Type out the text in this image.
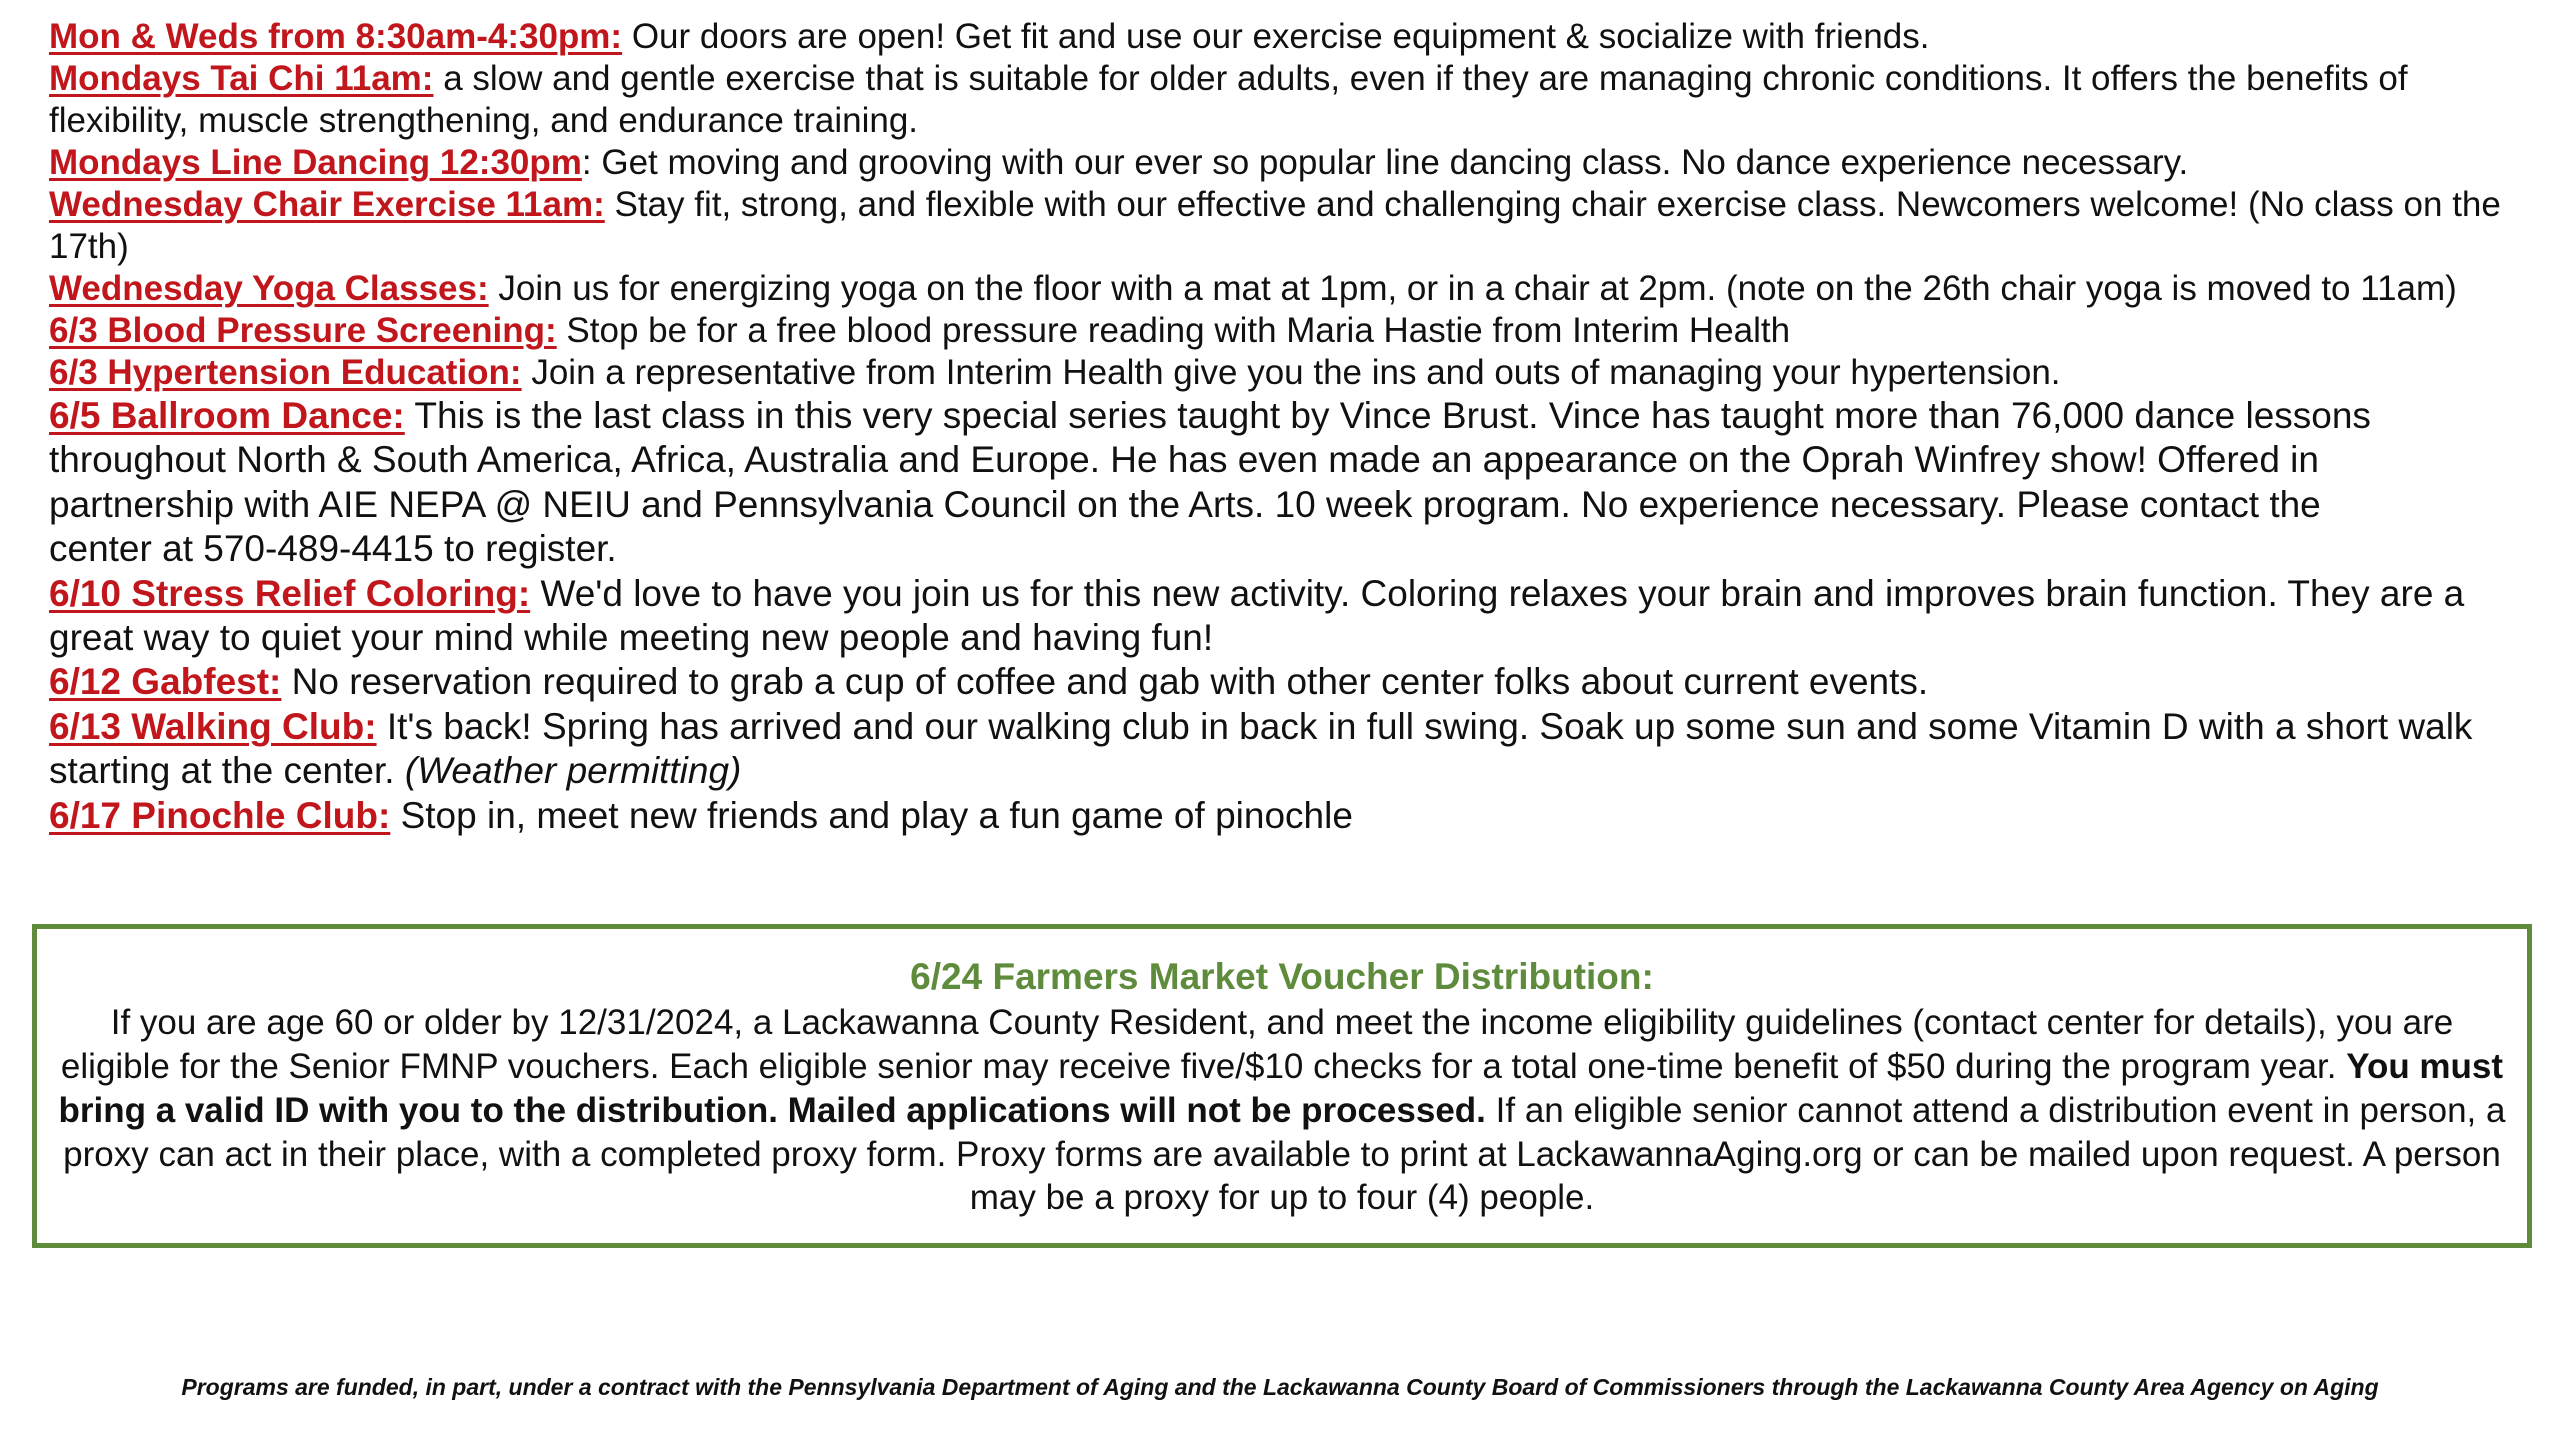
Mon & Weds from 8:30am-4:30pm: Our doors are open! Get fit and use our exercise equipment & socialize with friends.

Mondays Tai Chi 11am: a slow and gentle exercise that is suitable for older adults, even if they are managing chronic conditions. It offers the benefits of flexibility, muscle strengthening, and endurance training.

Mondays Line Dancing 12:30pm: Get moving and grooving with our ever so popular line dancing class. No dance experience necessary.

Wednesday Chair Exercise 11am: Stay fit, strong, and flexible with our effective and challenging chair exercise class. Newcomers welcome! (No class on the 17th)

Wednesday Yoga Classes: Join us for energizing yoga on the floor with a mat at 1pm, or in a chair at 2pm. (note on the 26th chair yoga is moved to 11am)

6/3 Blood Pressure Screening: Stop be for a free blood pressure reading with Maria Hastie from Interim Health

6/3 Hypertension Education: Join a representative from Interim Health give you the ins and outs of managing your hypertension.

6/5 Ballroom Dance: This is the last class in this very special series taught by Vince Brust. Vince has taught more than 76,000 dance lessons throughout North & South America, Africa, Australia and Europe. He has even made an appearance on the Oprah Winfrey show! Offered in partnership with AIE NEPA @ NEIU and Pennsylvania Council on the Arts. 10 week program. No experience necessary. Please contact the center at 570-489-4415 to register.

6/10 Stress Relief Coloring: We'd love to have you join us for this new activity. Coloring relaxes your brain and improves brain function. They are a great way to quiet your mind while meeting new people and having fun!

6/12 Gabfest: No reservation required to grab a cup of coffee and gab with other center folks about current events.

6/13 Walking Club: It's back! Spring has arrived and our walking club in back in full swing. Soak up some sun and some Vitamin D with a short walk starting at the center. (Weather permitting)

6/17 Pinochle Club: Stop in, meet new friends and play a fun game of pinochle

6/24 Farmers Market Voucher Distribution:

If you are age 60 or older by 12/31/2024, a Lackawanna County Resident, and meet the income eligibility guidelines (contact center for details), you are eligible for the Senior FMNP vouchers. Each eligible senior may receive five/$10 checks for a total one-time benefit of $50 during the program year. You must bring a valid ID with you to the distribution. Mailed applications will not be processed. If an eligible senior cannot attend a distribution event in person, a proxy can act in their place, with a completed proxy form. Proxy forms are available to print at LackawannaAging.org or can be mailed upon request. A person may be a proxy for up to four (4) people.

Programs are funded, in part, under a contract with the Pennsylvania Department of Aging and the Lackawanna County Board of Commissioners through the Lackawanna County Area Agency on Aging
